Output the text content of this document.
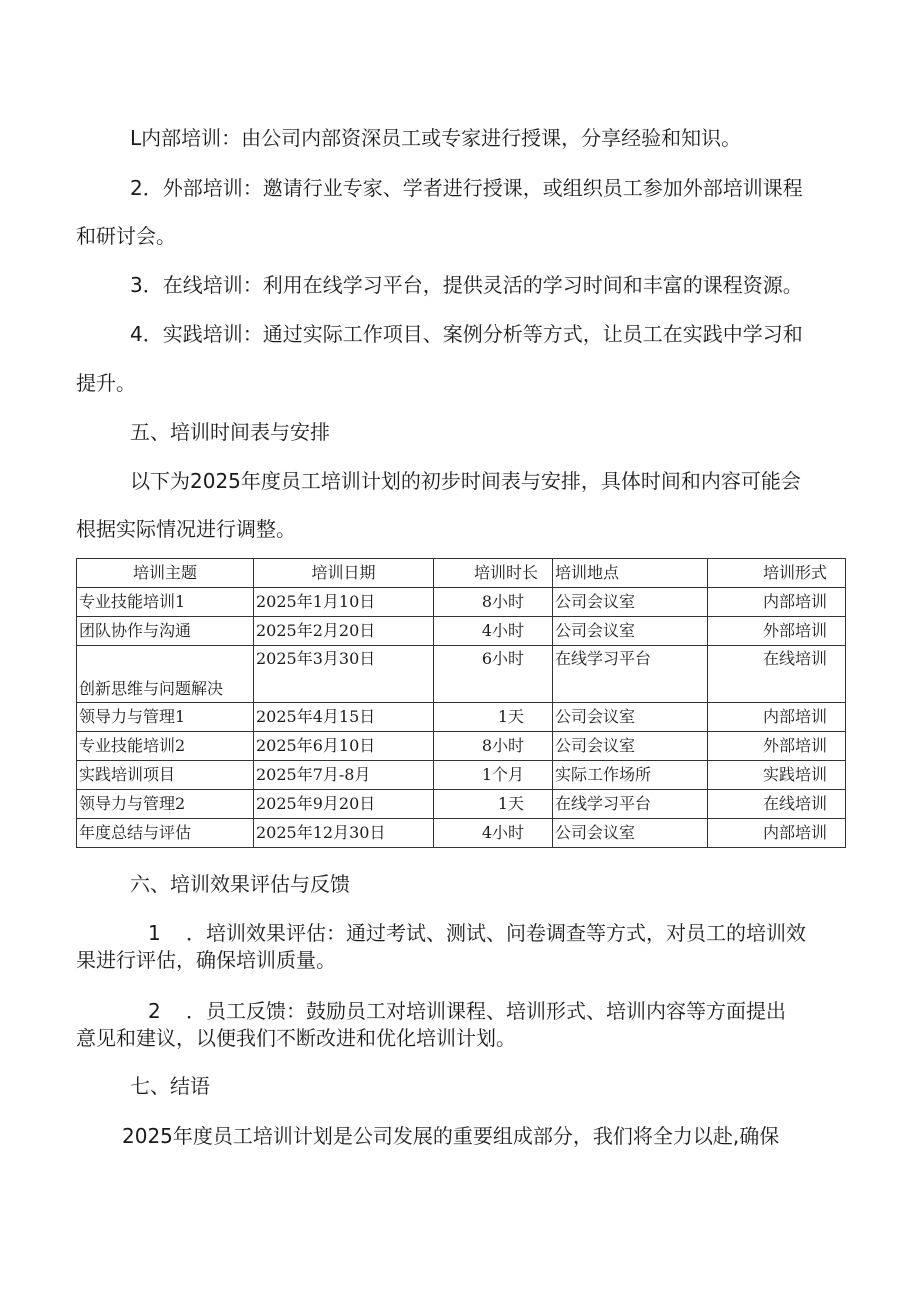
L内部培训：由公司内部资深员工或专家进行授课，分享经验和知识。
2．外部培训：邀请行业专家、学者进行授课，或组织员工参加外部培训课程
和研讨会。
3．在线培训：利用在线学习平台，提供灵活的学习时间和丰富的课程资源。
4．实践培训：通过实际工作项目、案例分析等方式，让员工在实践中学习和
提升。
五、培训时间表与安排
以下为2025年度员工培训计划的初步时间表与安排，具体时间和内容可能会
根据实际情况进行调整。
培训主题	培训日期	培训时长	培训地点	培训形式
专业技能培训1	2025年1月10日	8小时	公司会议室	内部培训
团队协作与沟通	2025年2月20日	4小时	公司会议室	外部培训
创新思维与问题解决	2025年3月30日	6小时	在线学习平台	在线培训
领导力与管理1	2025年4月15日	1天	公司会议室	内部培训
专业技能培训2	2025年6月10日	8小时	公司会议室	外部培训
实践培训项目	2025年7月-8月	1个月	实际工作场所	实践培训
领导力与管理2	2025年9月20日	1天	在线学习平台	在线培训
年度总结与评估	2025年12月30日	4小时	公司会议室	内部培训
六、培训效果评估与反馈
1	．培训效果评估：通过考试、测试、问卷调查等方式，对员工的培训效
果进行评估，确保培训质量。
2	．员工反馈：鼓励员工对培训课程、培训形式、培训内容等方面提出
意见和建议，以便我们不断改进和优化培训计划。
七、结语
2025年度员工培训计划是公司发展的重要组成部分，我们将全力以赴,确保
